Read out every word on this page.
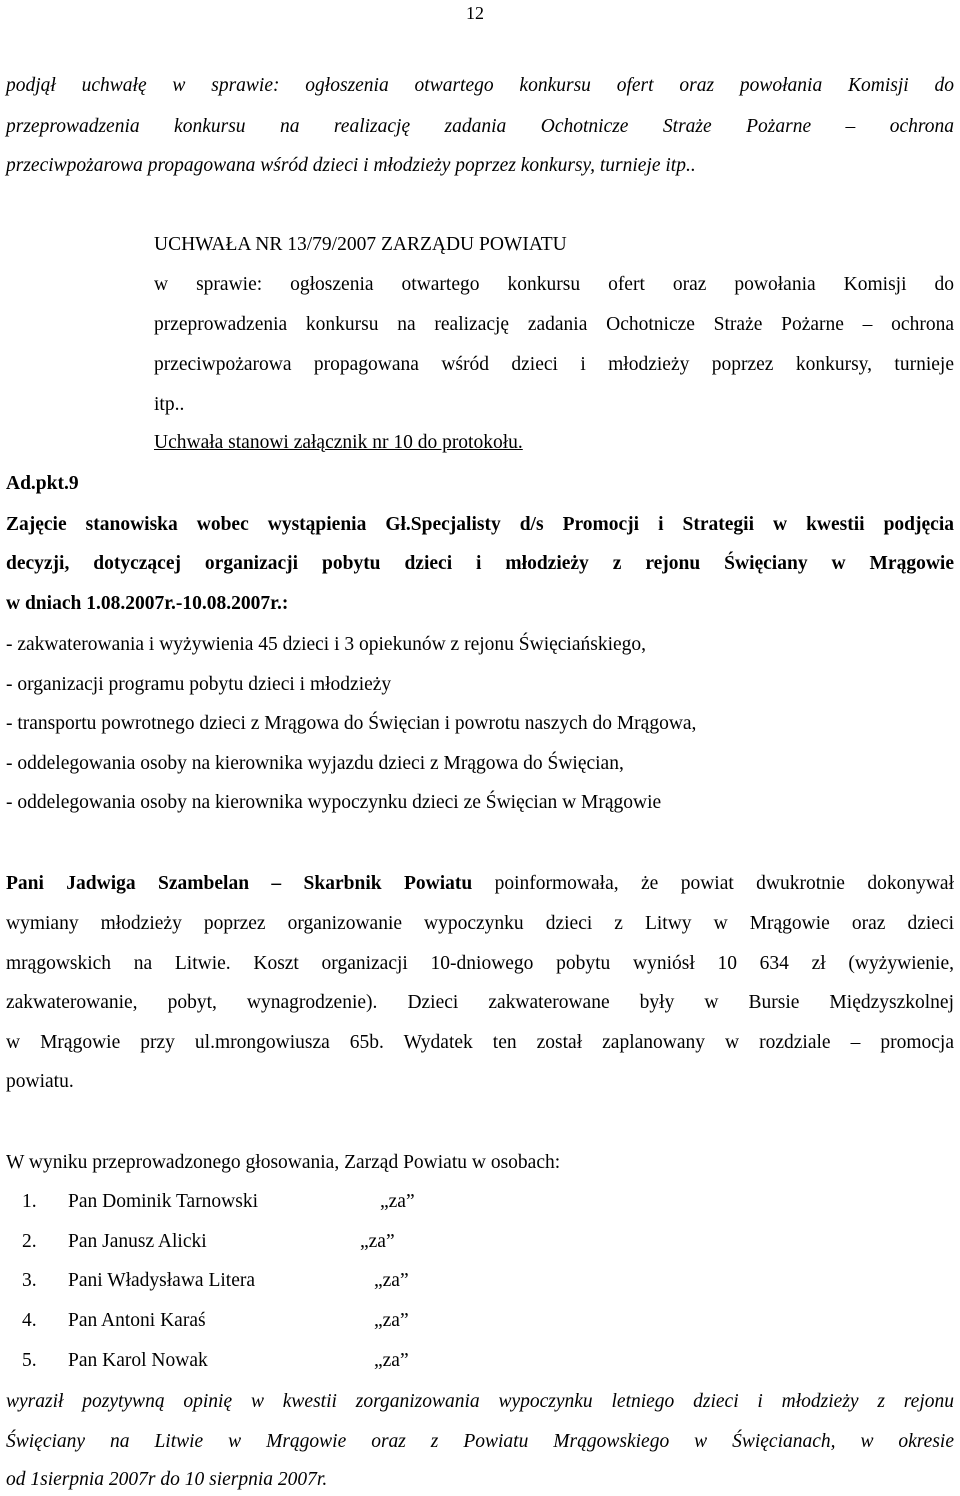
12
podjął uchwałę w sprawie: ogłoszenia otwartego konkursu ofert oraz powołania Komisji do
przeprowadzenia konkursu na realizację zadania Ochotnicze Straże Pożarne – ochrona
przeciwpożarowa propagowana wśród dzieci i młodzieży poprzez konkursy, turnieje itp..
UCHWAŁA NR 13/79/2007 ZARZĄDU POWIATU
w sprawie: ogłoszenia otwartego konkursu ofert oraz powołania Komisji do
przeprowadzenia konkursu na realizację zadania Ochotnicze Straże Pożarne – ochrona
przeciwpożarowa propagowana wśród dzieci i młodzieży poprzez konkursy, turnieje
itp..
Uchwała stanowi załącznik nr 10 do protokołu.
Ad.pkt.9
Zajęcie stanowiska wobec wystąpienia Gł.Specjalisty d/s Promocji i Strategii w kwestii podjęcia
decyzji, dotyczącej organizacji pobytu dzieci i młodzieży z rejonu Święciany w Mrągowie
w dniach 1.08.2007r.-10.08.2007r.:
- zakwaterowania i wyżywienia 45 dzieci i 3 opiekunów z rejonu Święciańskiego,
- organizacji programu pobytu dzieci i młodzieży
- transportu powrotnego dzieci z Mrągowa do Święcian i powrotu naszych do Mrągowa,
- oddelegowania osoby na kierownika wyjazdu dzieci z Mrągowa do Święcian,
- oddelegowania osoby na kierownika wypoczynku dzieci ze Święcian w Mrągowie
Pani Jadwiga Szambelan – Skarbnik Powiatu poinformowała, że powiat dwukrotnie dokonywał
wymiany młodzieży poprzez organizowanie wypoczynku dzieci z Litwy w Mrągowie oraz dzieci
mrągowskich na Litwie. Koszt organizacji 10-dniowego pobytu wyniósł 10 634 zł (wyżywienie,
zakwaterowanie, pobyt, wynagrodzenie). Dzieci zakwaterowane były w Bursie Międzyszkolnej
w Mrągowie przy ul.mrongowiusza 65b. Wydatek ten został zaplanowany w rozdziale – promocja
powiatu.
W wyniku przeprowadzonego głosowania, Zarząd Powiatu w osobach:
1. Pan Dominik Tarnowski	„za”
2. Pan Janusz Alicki	„za”
3. Pani Władysława Litera	„za”
4. Pan Antoni Karaś	„za”
5. Pan Karol Nowak	„za”
wyraził pozytywną opinię w kwestii zorganizowania wypoczynku letniego dzieci i młodzieży z rejonu
Święciany na Litwie w Mrągowie oraz z Powiatu Mrągowskiego w Święcianach, w okresie
od 1sierpnia 2007r do 10 sierpnia 2007r.
